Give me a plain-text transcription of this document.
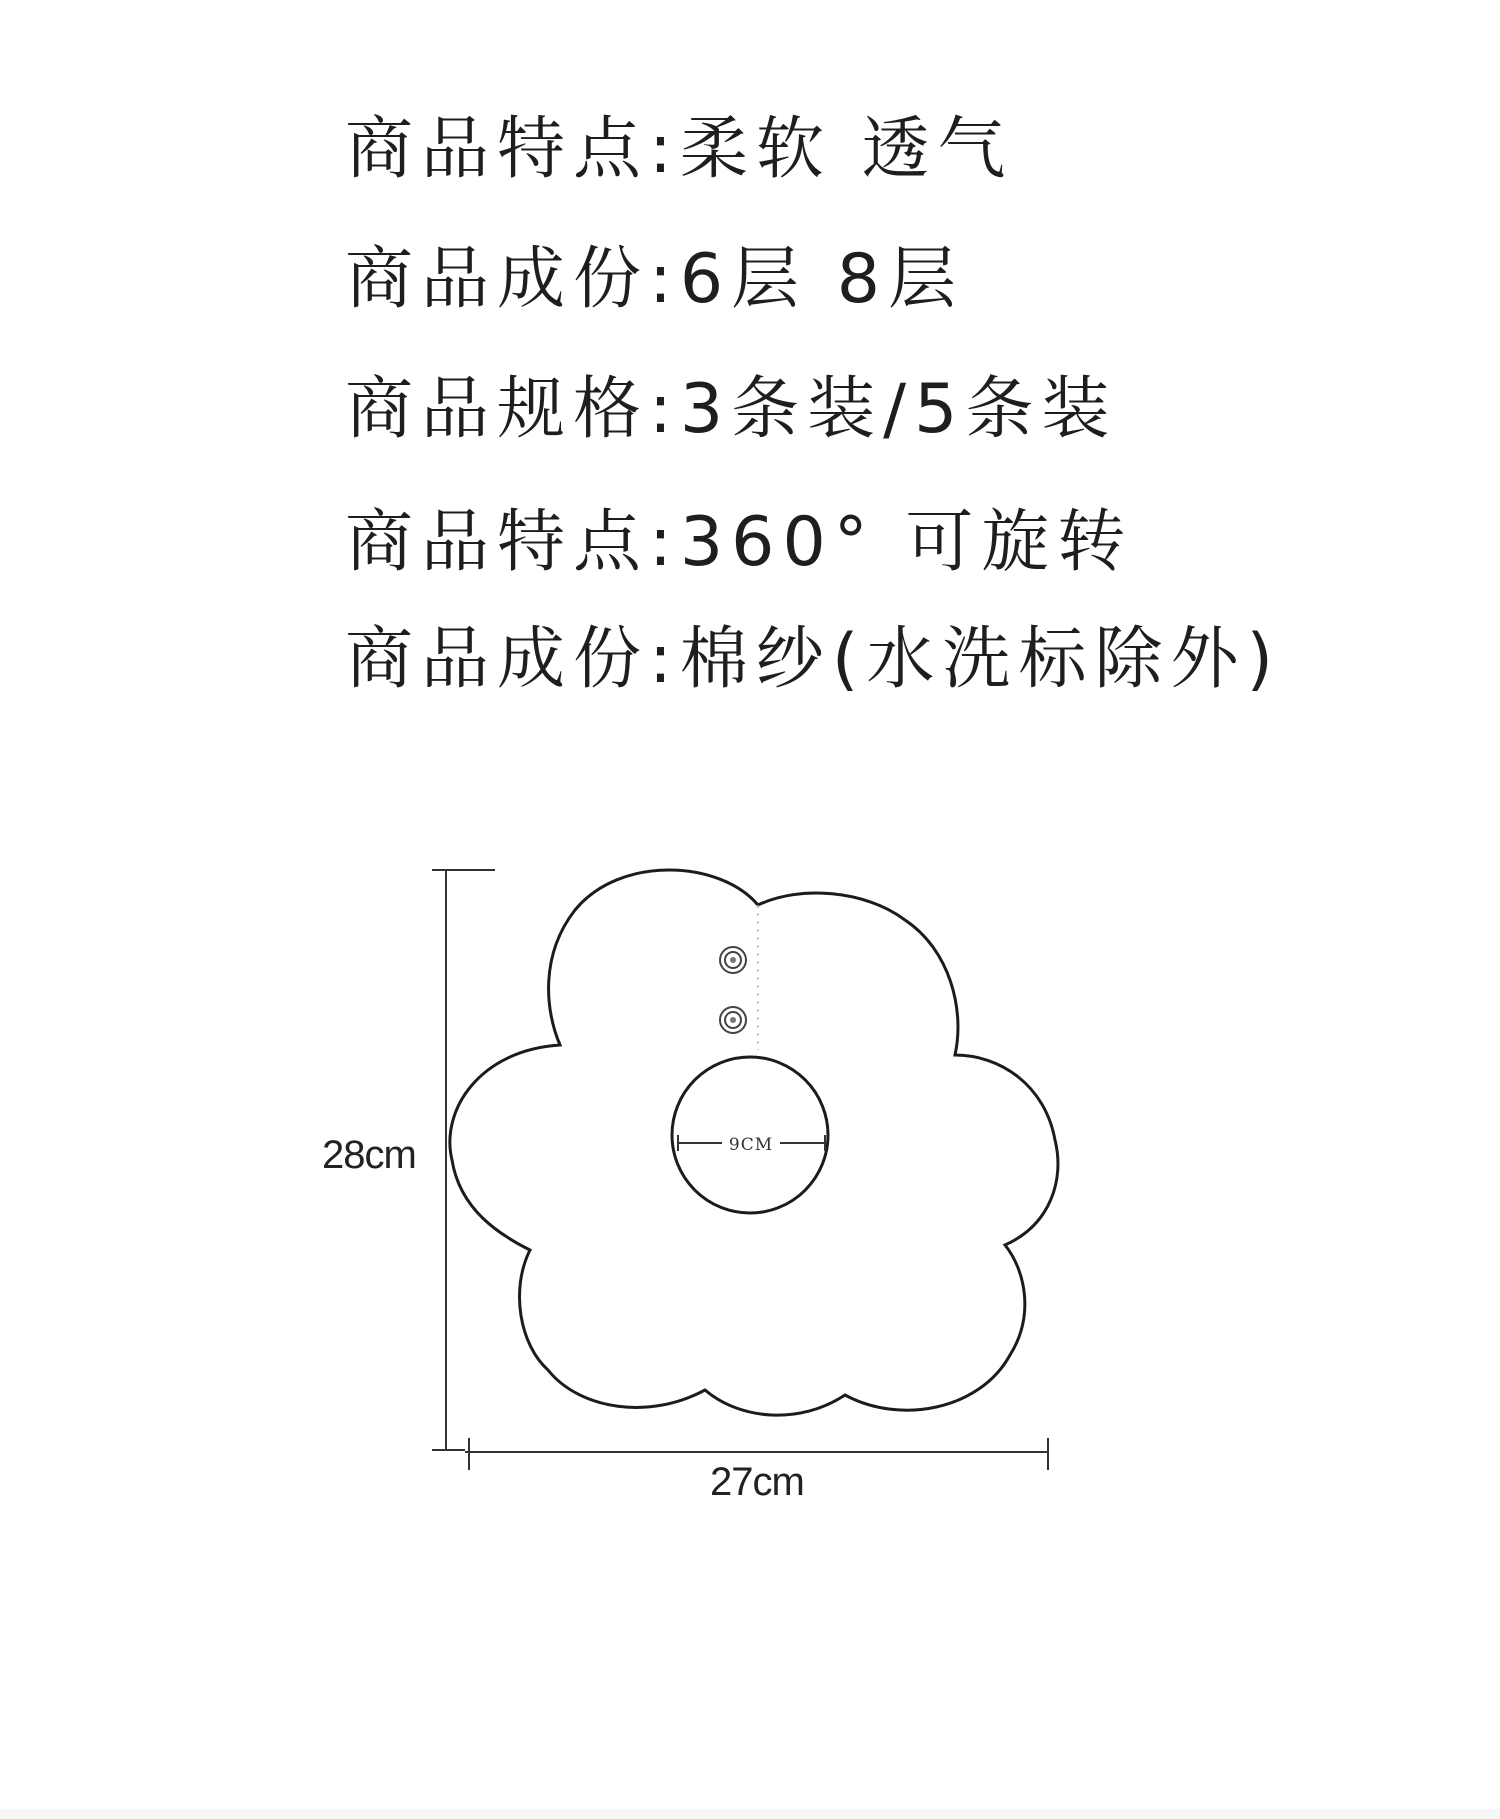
商品特点:柔软 透气
商品成份:6层 8层
商品规格:3条装/5条装
商品特点:360° 可旋转
商品成份:棉纱(水洗标除外)
9CM
28cm
27cm
